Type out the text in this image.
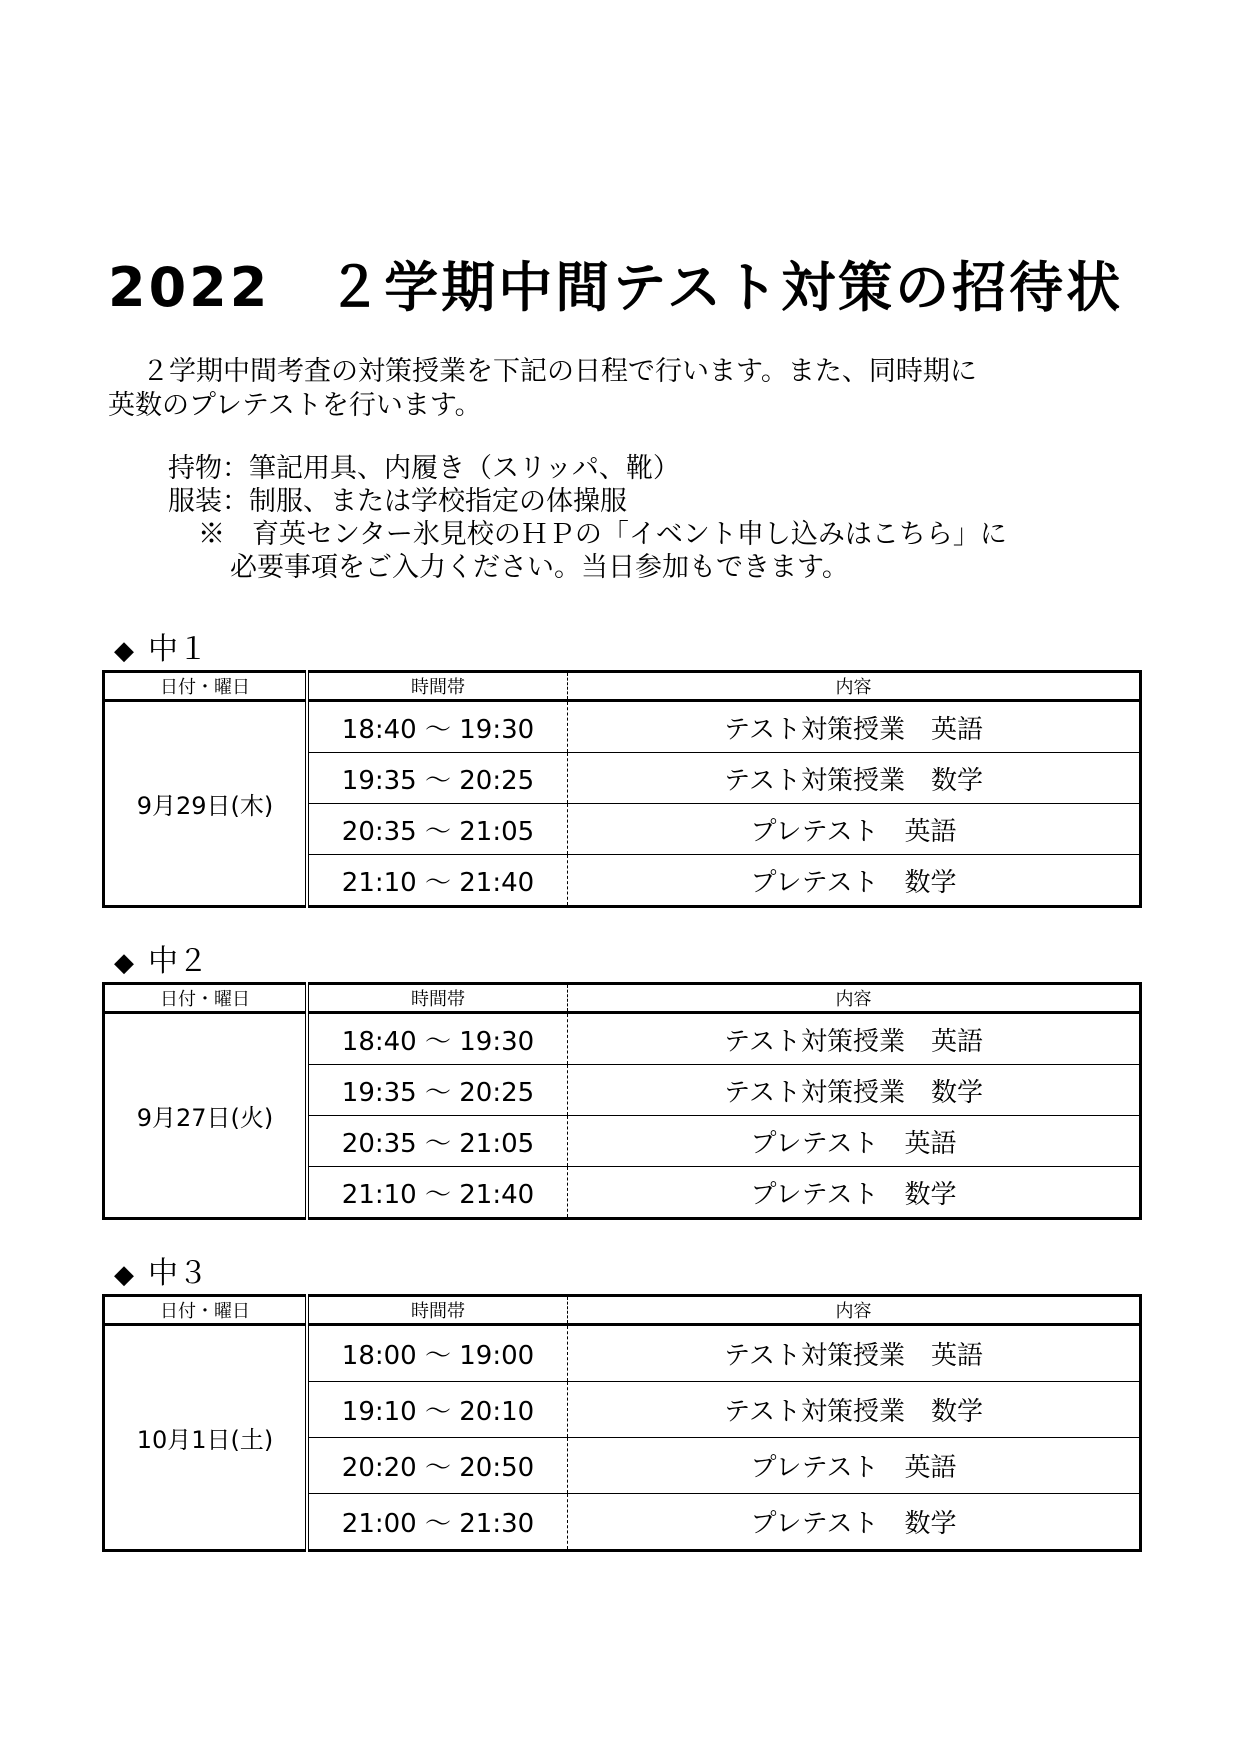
2022　２学期中間テスト対策の招待状

２学期中間考査の対策授業を下記の日程で行います。また、同時期に

英数のプレテストを行います。

持物：筆記用具、内履き（スリッパ、靴）
服装：制服、または学校指定の体操服
※　育英センター氷見校のＨＰの「イベント申し込みはこちら」に
必要事項をご入力ください。当日参加もできます。
◆ 中１
日付・曜日	時間帯	内容
9月29日(木)	18:40 ～ 19:30	テスト対策授業　英語
	19:35 ～ 20:25	テスト対策授業　数学
	20:35 ～ 21:05	プレテスト　英語
	21:10 ～ 21:40	プレテスト　数学
◆ 中２
日付・曜日	時間帯	内容
9月27日(火)	18:40 ～ 19:30	テスト対策授業　英語
	19:35 ～ 20:25	テスト対策授業　数学
	20:35 ～ 21:05	プレテスト　英語
	21:10 ～ 21:40	プレテスト　数学
◆ 中３
日付・曜日	時間帯	内容
10月1日(土)	18:00 ～ 19:00	テスト対策授業　英語
	19:10 ～ 20:10	テスト対策授業　数学
	20:20 ～ 20:50	プレテスト　英語
	21:00 ～ 21:30	プレテスト　数学
